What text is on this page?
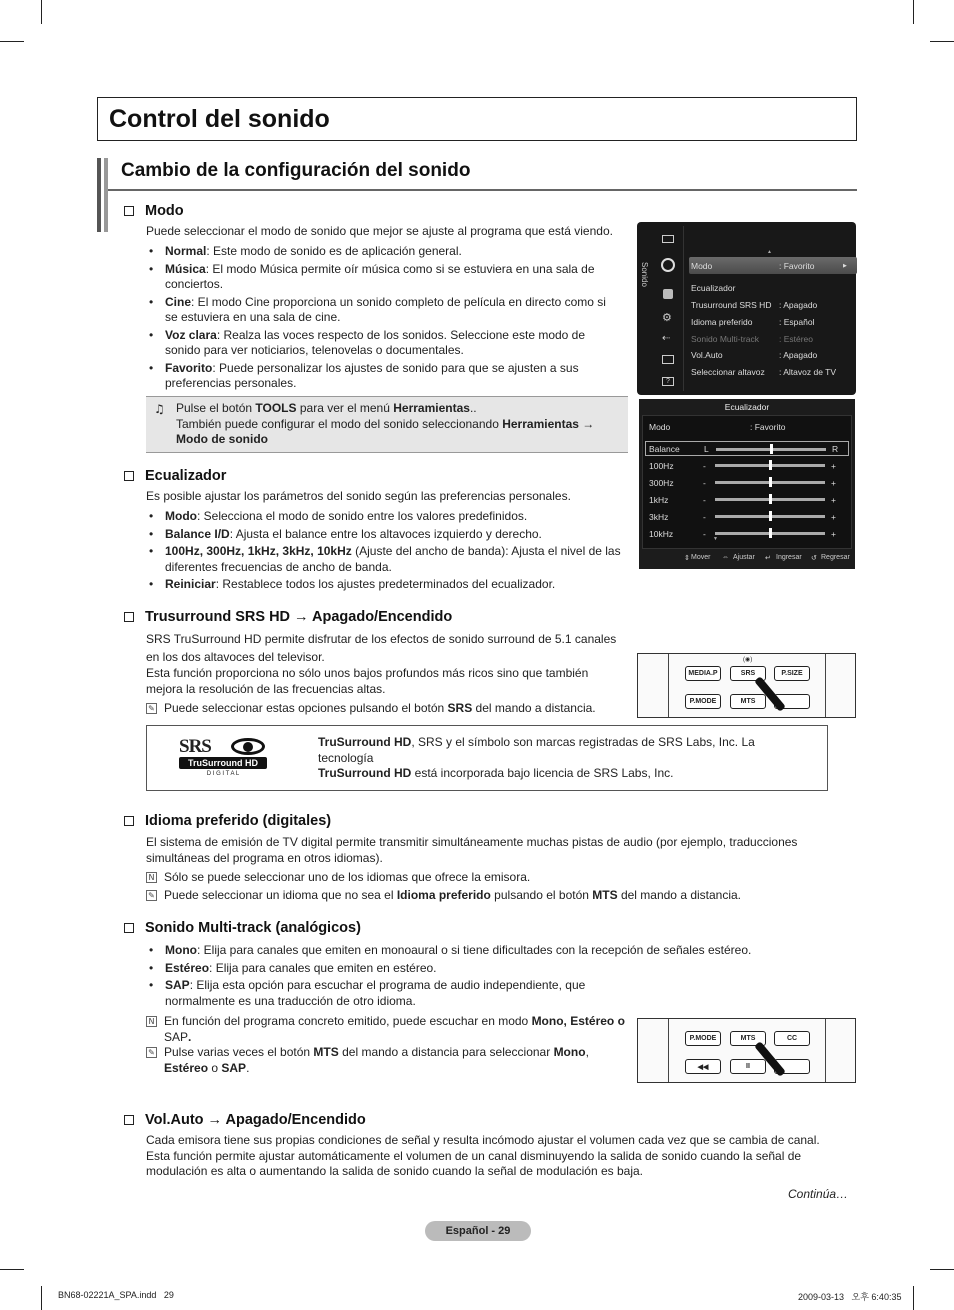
Control del sonido
Cambio de la configuración del sonido
Modo
Puede seleccionar el modo de sonido que mejor se ajuste al programa que está viendo.
• Normal: Este modo de sonido es de aplicación general.
• Música: El modo Música permite oír música como si se estuviera en una sala de conciertos.
• Cine: El modo Cine proporciona un sonido completo de película en directo como si se estuviera en una sala de cine.
• Voz clara: Realza las voces respecto de los sonidos. Seleccione este modo de sonido para ver noticiarios, telenovelas o documentales.
• Favorito: Puede personalizar los ajustes de sonido para que se ajusten a sus preferencias personales.
♫ Pulse el botón TOOLS para ver el menú Herramientas..
También puede configurar el modo del sonido seleccionando Herramientas →
Modo de sonido
Sonido
⚙
⇠
?
▲
Modo	: Favorito	▶
Ecualizador
Trusurround SRS HD : Apagado
Idioma preferido	: Español
Sonido Multi-track	: Estéreo
Vol.Auto	: Apagado
Seleccionar altavoz	: Altavoz de TV
Ecualizador
Modo	: Favorito
Balance	L	R
▼
⇕ Mover ⇔ Ajustar ↵ Ingresar ↺ Regresar
100Hz	-	+
300Hz	-	+
1kHz	-	+
3kHz	-	+
10kHz	-	+
Ecualizador
Es posible ajustar los parámetros del sonido según las preferencias personales.
• Modo: Selecciona el modo de sonido entre los valores predefinidos.
• Balance I/D: Ajusta el balance entre los altavoces izquierdo y derecho.
• 100Hz, 300Hz, 1kHz, 3kHz, 10kHz (Ajuste del ancho de banda): Ajusta el nivel de las diferentes frecuencias de ancho de banda.
• Reiniciar: Restablece todos los ajustes predeterminados del ecualizador.
Trusurround SRS HD → Apagado/Encendido
SRS TruSurround HD permite disfrutar de los efectos de sonido surround de 5.1 canales en los dos altavoces del televisor.
Esta función proporciona no sólo unos bajos profundos más ricos sino que también mejora la resolución de las frecuencias altas.
✎ Puede seleccionar estas opciones pulsando el botón SRS del mando a distancia.
MEDIA.P
(◉)
SRS	P.SIZE
P.MODE	MTS
SRS
TruSurround HD
D I G I T A L
TruSurround HD, SRS y el símbolo son marcas registradas de SRS Labs, Inc. La tecnología
TruSurround HD está incorporada bajo licencia de SRS Labs, Inc.
Idioma preferido (digitales)
El sistema de emisión de TV digital permite transmitir simultáneamente muchas pistas de audio (por ejemplo, traducciones simultáneas del programa en otros idiomas).
N Sólo se puede seleccionar uno de los idiomas que ofrece la emisora.
✎ Puede seleccionar un idioma que no sea el Idioma preferido pulsando el botón MTS del mando a distancia.
Sonido Multi-track (analógicos)
• Mono: Elija para canales que emiten en monoaural o si tiene dificultades con la recepción de señales estéreo.
• Estéreo: Elija para canales que emiten en estéreo.
• SAP: Elija esta opción para escuchar el programa de audio independiente, que normalmente es una traducción de otro idioma.
N En función del programa concreto emitido, puede escuchar en modo Mono, Estéreo o SAP.
✎ Pulse varias veces el botón MTS del mando a distancia para seleccionar Mono, Estéreo o SAP.
P.MODE	MTS	CC
◀◀	II
Vol.Auto → Apagado/Encendido
Cada emisora tiene sus propias condiciones de señal y resulta incómodo ajustar el volumen cada vez que se cambia de canal. Esta función permite ajustar automáticamente el volumen de un canal disminuyendo la salida de sonido cuando la señal de modulación es alta o aumentando la salida de sonido cuando la señal de modulación es baja.
Continúa…
Español - 29
BN68-02221A_SPA.indd   29	2009-03-13   오후 6:40:35
